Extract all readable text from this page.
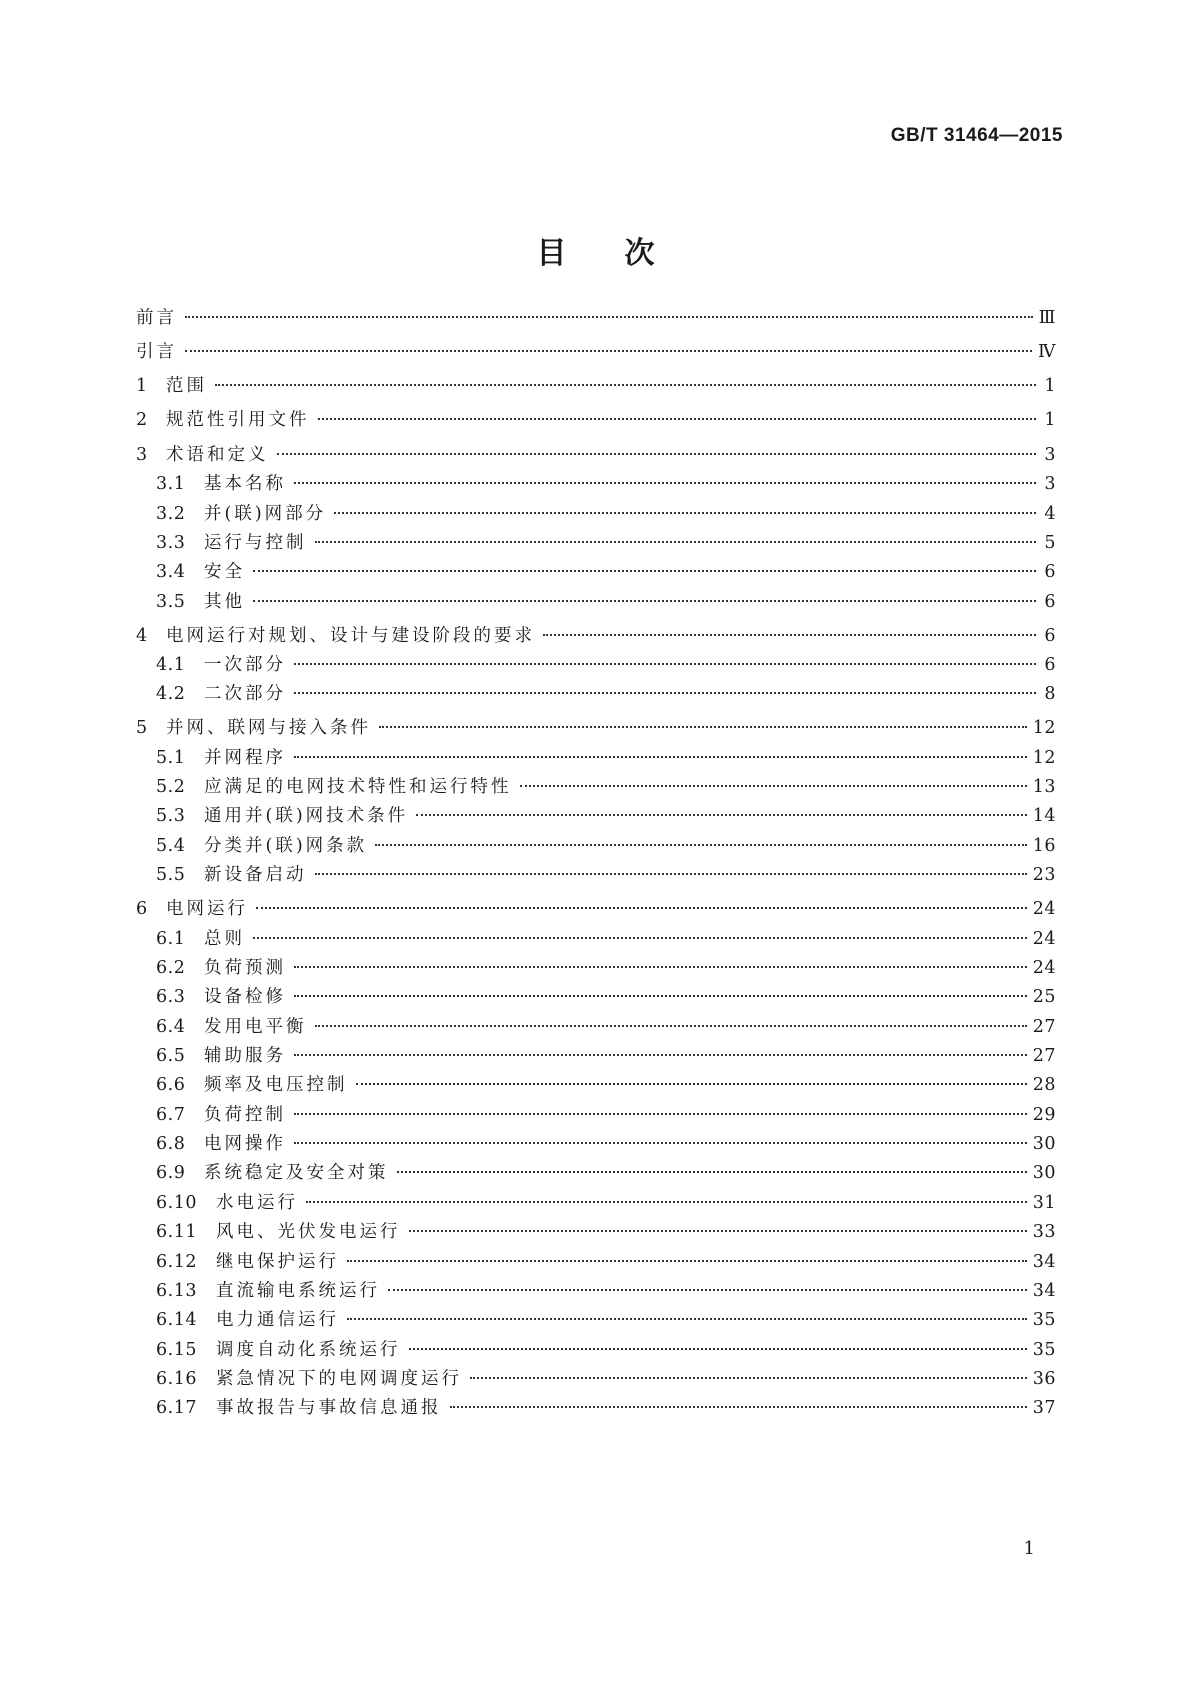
GB/T 31464—2015
目 次
前言	Ⅲ
引言	Ⅳ
1	范围	1
2	规范性引用文件	1
3	术语和定义	3
3.1	基本名称	3
3.2	并(联)网部分	4
3.3	运行与控制	5
3.4	安全	6
3.5	其他	6
4	电网运行对规划、设计与建设阶段的要求	6
4.1	一次部分	6
4.2	二次部分	8
5	并网、联网与接入条件	12
5.1	并网程序	12
5.2	应满足的电网技术特性和运行特性	13
5.3	通用并(联)网技术条件	14
5.4	分类并(联)网条款	16
5.5	新设备启动	23
6	电网运行	24
6.1	总则	24
6.2	负荷预测	24
6.3	设备检修	25
6.4	发用电平衡	27
6.5	辅助服务	27
6.6	频率及电压控制	28
6.7	负荷控制	29
6.8	电网操作	30
6.9	系统稳定及安全对策	30
6.10	水电运行	31
6.11	风电、光伏发电运行	33
6.12	继电保护运行	34
6.13	直流输电系统运行	34
6.14	电力通信运行	35
6.15	调度自动化系统运行	35
6.16	紧急情况下的电网调度运行	36
6.17	事故报告与事故信息通报	37
1
